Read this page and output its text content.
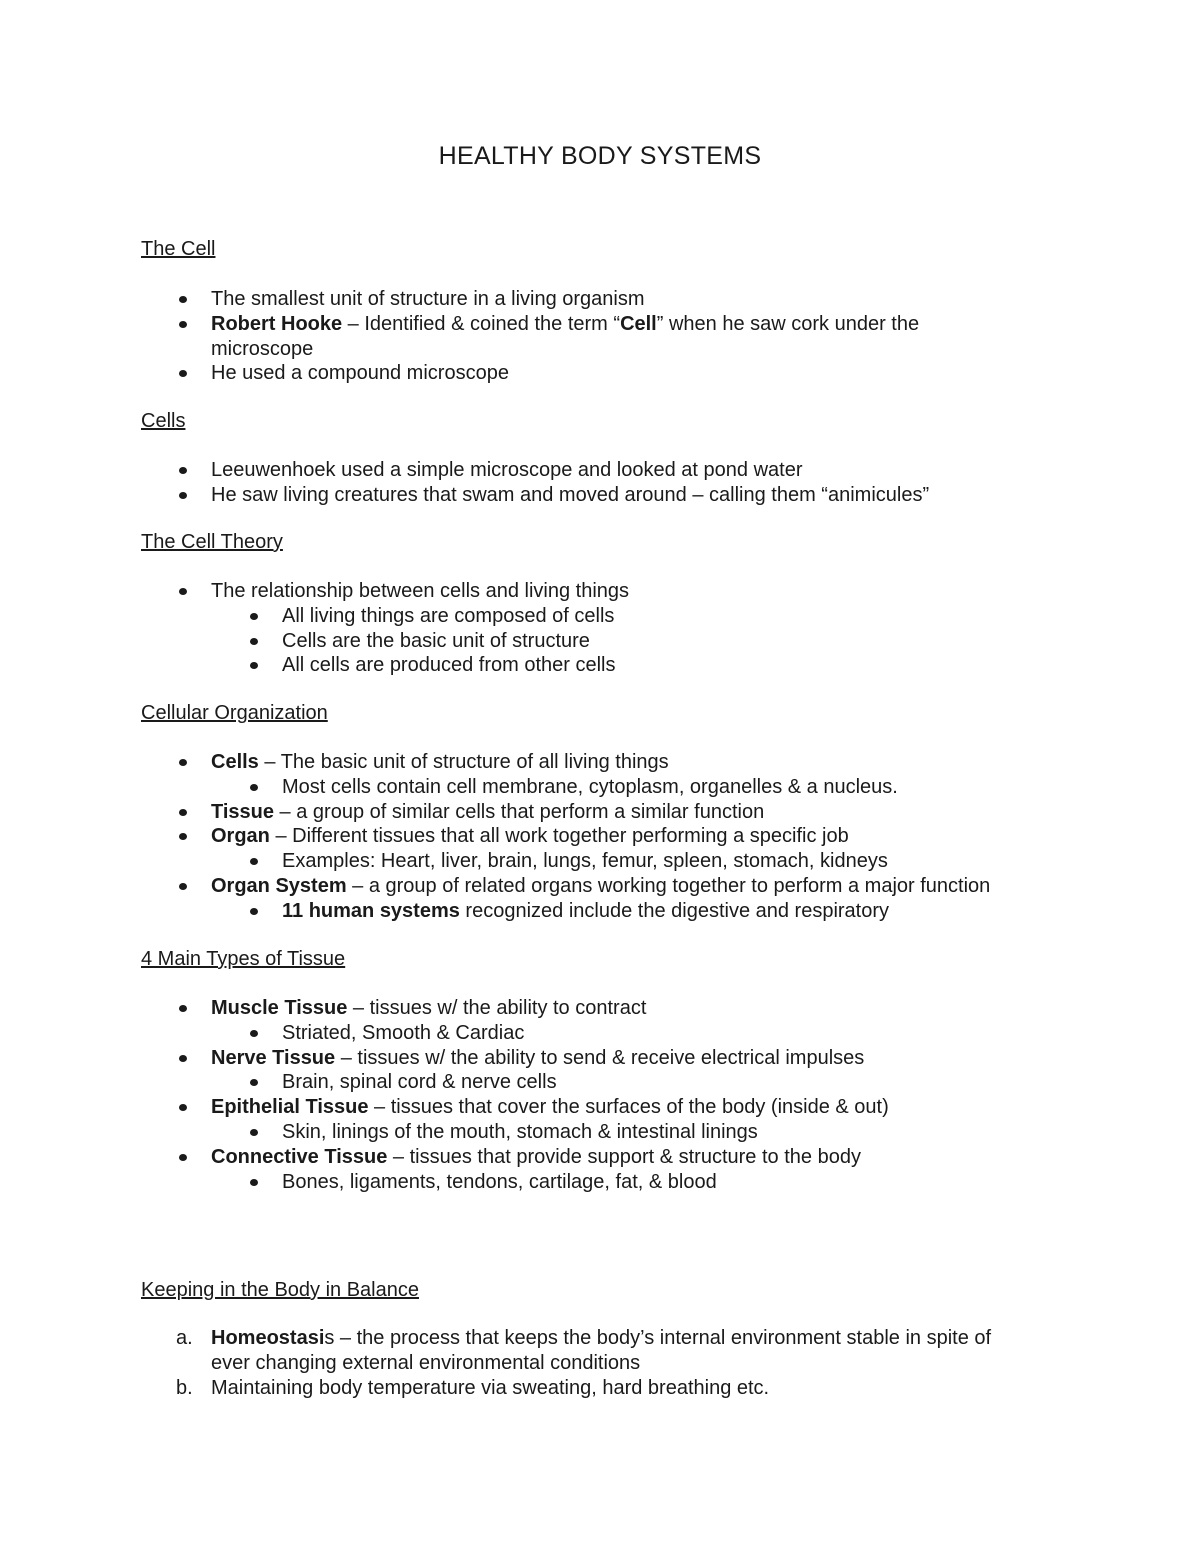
HEALTHY BODY SYSTEMS
The Cell
The smallest unit of structure in a living organism
Robert Hooke – Identified & coined the term “Cell” when he saw cork under the
microscope
He used a compound microscope
Cells
Leeuwenhoek used a simple microscope and looked at pond water
He saw living creatures that swam and moved around – calling them “animicules”
The Cell Theory
The relationship between cells and living things
All living things are composed of cells
Cells are the basic unit of structure
All cells are produced from other cells
Cellular Organization
Cells – The basic unit of structure of all living things
Most cells contain cell membrane, cytoplasm, organelles & a nucleus.
Tissue – a group of similar cells that perform a similar function
Organ – Different tissues that all work together performing a specific job
Examples: Heart, liver, brain, lungs, femur, spleen, stomach, kidneys
Organ System – a group of related organs working together to perform a major function
11 human systems recognized include the digestive and respiratory
4 Main Types of Tissue
Muscle Tissue – tissues w/ the ability to contract
Striated, Smooth & Cardiac
Nerve Tissue – tissues w/ the ability to send & receive electrical impulses
Brain, spinal cord & nerve cells
Epithelial Tissue – tissues that cover the surfaces of the body (inside & out)
Skin, linings of the mouth, stomach & intestinal linings
Connective Tissue – tissues that provide support & structure to the body
Bones, ligaments, tendons, cartilage, fat, & blood
Keeping in the Body in Balance
a. Homeostasis – the process that keeps the body’s internal environment stable in spite of
ever changing external environmental conditions
b. Maintaining body temperature via sweating, hard breathing etc.
